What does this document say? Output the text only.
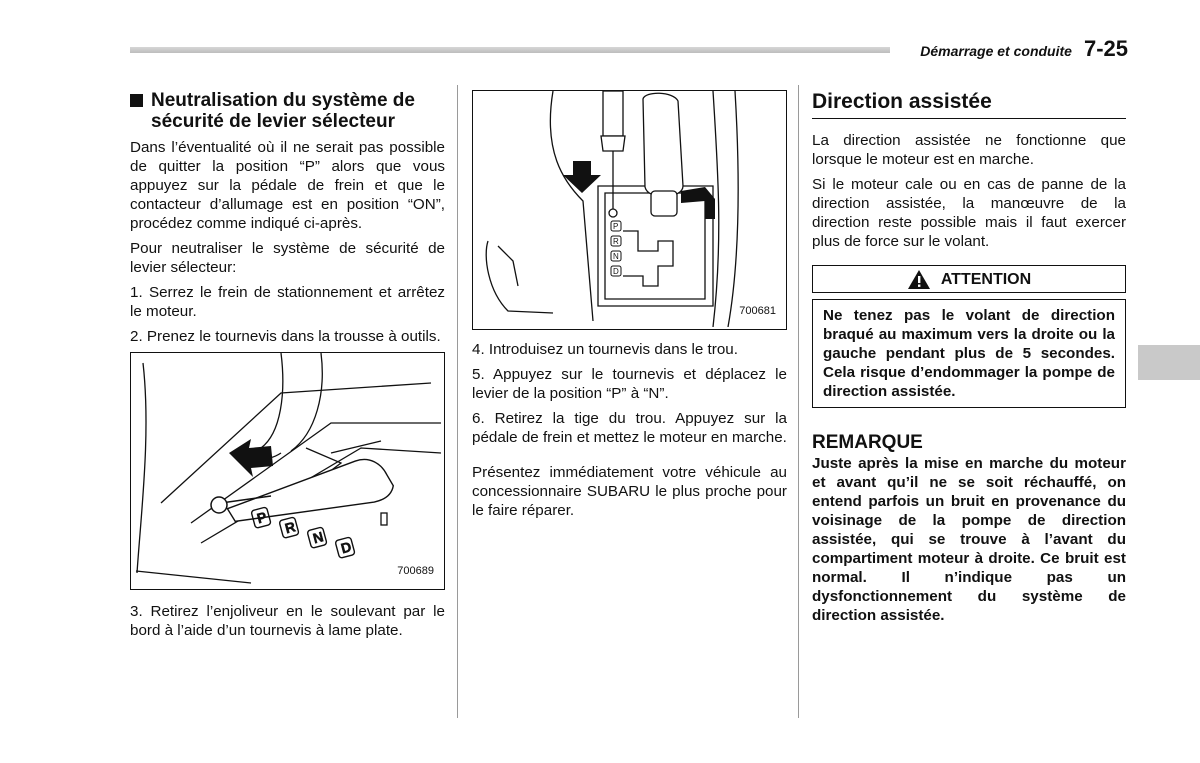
Démarrage et conduite 7-25
Neutralisation du système de sécurité de levier sélecteur

Dans l’éventualité où il ne serait pas possible de quitter la position “P” alors que vous appuyez sur la pédale de frein et que le contacteur d’allumage est en position “ON”, procédez comme indiqué ci-après.

Pour neutraliser le système de sécurité de levier sélecteur:

1. Serrez le frein de stationnement et arrêtez le moteur.

2. Prenez le tournevis dans la trousse à outils.

P
R
N
D
700689

3. Retirez l’enjoliveur en le soulevant par le bord à l’aide d’un tournevis à lame plate.

P
R
N
D
700681

4. Introduisez un tournevis dans le trou.

5. Appuyez sur le tournevis et déplacez le levier de la position “P” à “N”.

6. Retirez la tige du trou. Appuyez sur la pédale de frein et mettez le moteur en marche.

Présentez immédiatement votre véhicule au concessionnaire SUBARU le plus proche pour le faire réparer.

Direction assistée

La direction assistée ne fonctionne que lorsque le moteur est en marche.

Si le moteur cale ou en cas de panne de la direction assistée, la manœuvre de la direction reste possible mais il faut exercer plus de force sur le volant.

ATTENTION
Ne tenez pas le volant de direction braqué au maximum vers la droite ou la gauche pendant plus de 5 secondes. Cela risque d’endommager la pompe de direction assistée.
REMARQUE

Juste après la mise en marche du moteur et avant qu’il ne se soit réchauffé, on entend parfois un bruit en provenance du voisinage de la pompe de direction assistée, qui se trouve à l’avant du compartiment moteur à droite. Ce bruit est normal. Il n’indique pas un dysfonctionnement du système de direction assistée.
